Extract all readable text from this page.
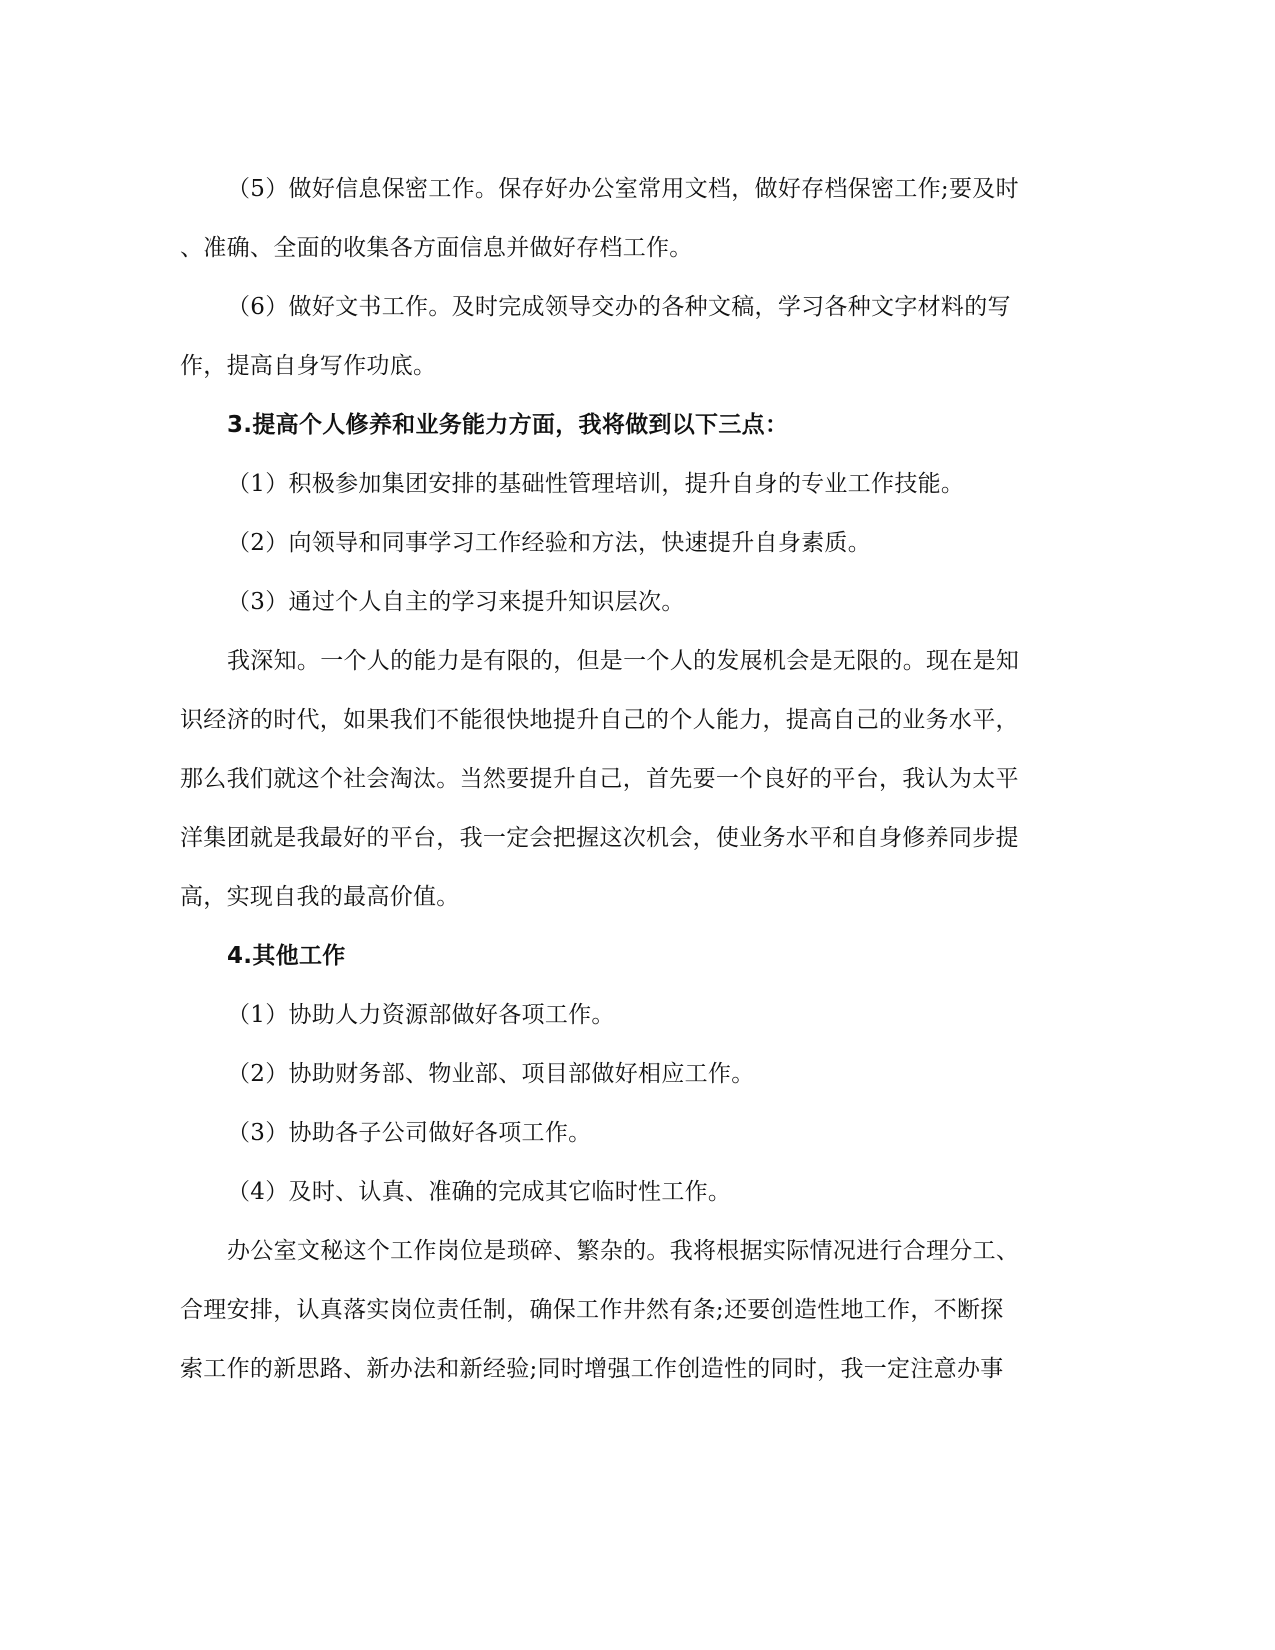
（5）做好信息保密工作。保存好办公室常用文档，做好存档保密工作;要及时
、准确、全面的收集各方面信息并做好存档工作。
（6）做好文书工作。及时完成领导交办的各种文稿，学习各种文字材料的写
作，提高自身写作功底。
3.提高个人修养和业务能力方面，我将做到以下三点：
（1）积极参加集团安排的基础性管理培训，提升自身的专业工作技能。
（2）向领导和同事学习工作经验和方法，快速提升自身素质。
（3）通过个人自主的学习来提升知识层次。
我深知。一个人的能力是有限的，但是一个人的发展机会是无限的。现在是知
识经济的时代，如果我们不能很快地提升自己的个人能力，提高自己的业务水平，
那么我们就这个社会淘汰。当然要提升自己，首先要一个良好的平台，我认为太平
洋集团就是我最好的平台，我一定会把握这次机会，使业务水平和自身修养同步提
高，实现自我的最高价值。
4.其他工作
（1）协助人力资源部做好各项工作。
（2）协助财务部、物业部、项目部做好相应工作。
（3）协助各子公司做好各项工作。
（4）及时、认真、准确的完成其它临时性工作。
办公室文秘这个工作岗位是琐碎、繁杂的。我将根据实际情况进行合理分工、
合理安排，认真落实岗位责任制，确保工作井然有条;还要创造性地工作，不断探
索工作的新思路、新办法和新经验;同时增强工作创造性的同时，我一定注意办事
